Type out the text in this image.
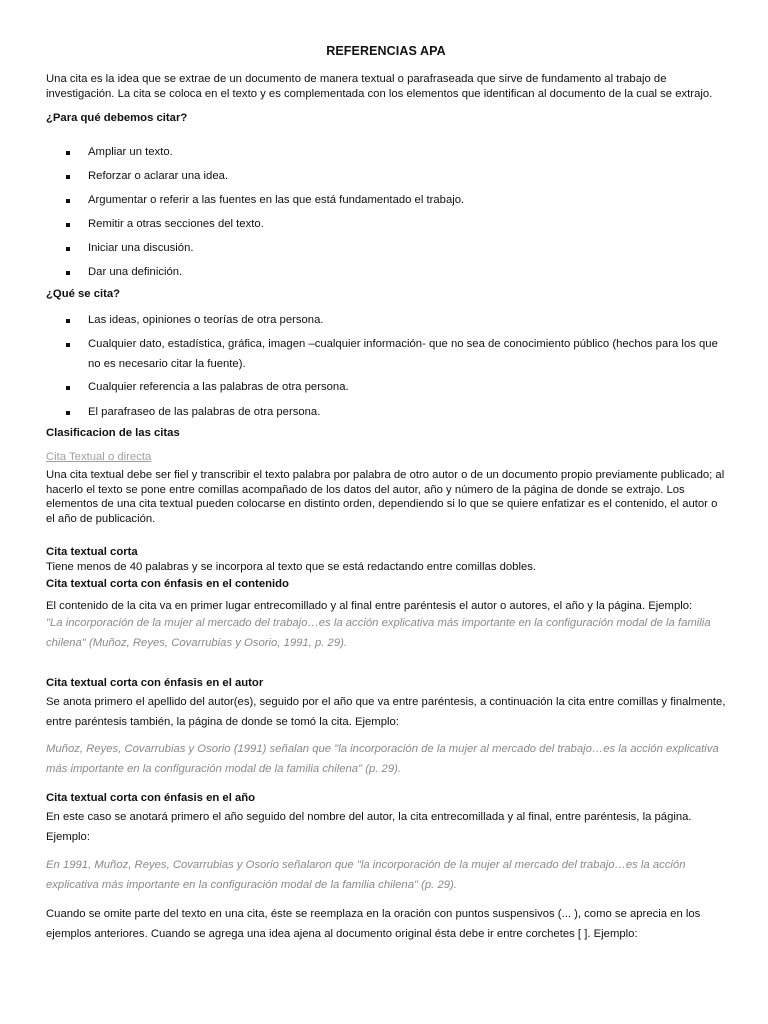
REFERENCIAS APA

Una cita es la idea que se extrae de un documento de manera textual o parafraseada que sirve de fundamento al trabajo de investigación. La cita se coloca en el texto y es complementada con los elementos que identifican al documento de la cual se extrajo.

¿Para qué debemos citar?

Ampliar un texto.
Reforzar o aclarar una idea.
Argumentar o referir a las fuentes en las que está fundamentado el trabajo.
Remitir a otras secciones del texto.
Iniciar una discusión.
Dar una definición.

¿Qué se cita?

Las ideas, opiniones o teorías de otra persona.
Cualquier dato, estadística, gráfica, imagen –cualquier información- que no sea de conocimiento público (hechos para los que no es necesario citar la fuente).
Cualquier referencia a las palabras de otra persona.
El parafraseo de las palabras de otra persona.

Clasificacion de las citas

Cita Textual o directa

Una cita textual debe ser fiel y transcribir el texto palabra por palabra de otro autor o de un documento propio previamente publicado; al hacerlo el texto se pone entre comillas acompañado de los datos del autor, año y número de la página de donde se extrajo. Los elementos de una cita textual pueden colocarse en distinto orden, dependiendo si lo que se quiere enfatizar es el contenido, el autor o el año de publicación.

Cita textual corta

Tiene menos de 40 palabras y se incorpora al texto que se está redactando entre comillas dobles.

Cita textual corta con énfasis en el contenido

El contenido de la cita va en primer lugar entrecomillado y al final entre paréntesis el autor o autores, el año y la página. Ejemplo:

"La incorporación de la mujer al mercado del trabajo…es la acción explicativa más importante en la configuración modal de la familia chilena" (Muñoz, Reyes, Covarrubias y Osorio, 1991, p. 29).

Cita textual corta con énfasis en el autor

Se anota primero el apellido del autor(es), seguido por el año que va entre paréntesis, a continuación la cita entre comillas y finalmente, entre paréntesis también, la página de donde se tomó la cita. Ejemplo:

Muñoz, Reyes, Covarrubias y Osorio (1991) señalan que "la incorporación de la mujer al mercado del trabajo…es la acción explicativa más importante en la configuración modal de la familia chilena" (p. 29).

Cita textual corta con énfasis en el año

En este caso se anotará primero el año seguido del nombre del autor, la cita entrecomillada y al final, entre paréntesis, la página. Ejemplo:

En 1991, Muñoz, Reyes, Covarrubias y Osorio señalaron que "la incorporación de la mujer al mercado del trabajo…es la acción explicativa más importante en la configuración modal de la familia chilena" (p. 29).

Cuando se omite parte del texto en una cita, éste se reemplaza en la oración con puntos suspensivos (... ), como se aprecia en los ejemplos anteriores. Cuando se agrega una idea ajena al documento original ésta debe ir entre corchetes [ ]. Ejemplo:
